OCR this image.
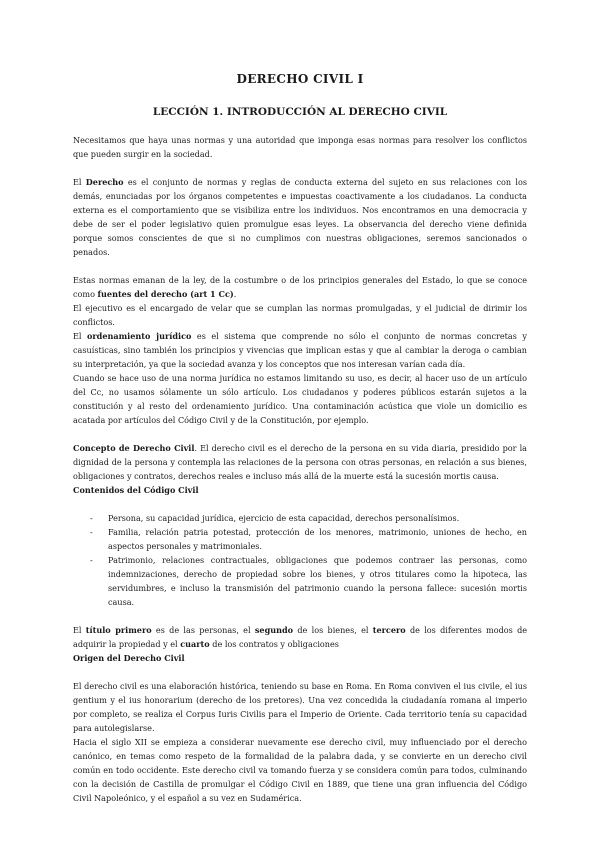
DERECHO CIVIL I
LECCIÓN 1. INTRODUCCIÓN AL DERECHO CIVIL

Necesitamos que haya unas normas y una autoridad que imponga esas normas para resolver los conflictos que pueden surgir en la sociedad.

El Derecho es el conjunto de normas y reglas de conducta externa del sujeto en sus relaciones con los demás, enunciadas por los órganos competentes e impuestas coactivamente a los ciudadanos. La conducta externa es el comportamiento que se visibiliza entre los individuos. Nos encontramos en una democracia y debe de ser el poder legislativo quien promulgue esas leyes. La observancia del derecho viene definida porque somos conscientes de que si no cumplimos con nuestras obligaciones, seremos sancionados o penados.

Estas normas emanan de la ley, de la costumbre o de los principios generales del Estado, lo que se conoce como fuentes del derecho (art 1 Cc).

El ejecutivo es el encargado de velar que se cumplan las normas promulgadas, y el judicial de dirimir los conflictos.

El ordenamiento jurídico es el sistema que comprende no sólo el conjunto de normas concretas y casuísticas, sino también los principios y vivencias que implican estas y que al cambiar la deroga o cambian su interpretación, ya que la sociedad avanza y los conceptos que nos interesan varían cada día.

Cuando se hace uso de una norma jurídica no estamos limitando su uso, es decir, al hacer uso de un artículo del Cc, no usamos sólamente un sólo artículo. Los ciudadanos y poderes públicos estarán sujetos a la constitución y al resto del ordenamiento jurídico. Una contaminación acústica que viole un domicilio es acatada por artículos del Código Civil y de la Constitución, por ejemplo.

Concepto de Derecho Civil. El derecho civil es el derecho de la persona en su vida diaria, presidido por la dignidad de la persona y contempla las relaciones de la persona con otras personas, en relación a sus bienes, obligaciones y contratos, derechos reales e incluso más allá de la muerte está la sucesión mortis causa.

Contenidos del Código Civil

- Persona, su capacidad jurídica, ejercicio de esta capacidad, derechos personalísimos.
- Familia, relación patria potestad, protección de los menores, matrimonio, uniones de hecho, en aspectos personales y matrimoniales.
- Patrimonio, relaciones contractuales, obligaciones que podemos contraer las personas, como indemnizaciones, derecho de propiedad sobre los bienes, y otros titulares como la hipoteca, las servidumbres, e incluso la transmisión del patrimonio cuando la persona fallece: sucesión mortis causa.

El título primero es de las personas, el segundo de los bienes, el tercero de los diferentes modos de adquirir la propiedad y el cuarto de los contratos y obligaciones

Origen del Derecho Civil

El derecho civil es una elaboración histórica, teniendo su base en Roma. En Roma conviven el ius civile, el ius gentium y el ius honorarium (derecho de los pretores). Una vez concedida la ciudadanía romana al imperio por completo, se realiza el Corpus Iuris Civilis para el Imperio de Oriente. Cada territorio tenía su capacidad para autolegislarse.

Hacia el siglo XII se empieza a considerar nuevamente ese derecho civil, muy influenciado por el derecho canónico, en temas como respeto de la formalidad de la palabra dada, y se convierte en un derecho civil común en todo occidente. Este derecho civil va tomando fuerza y se considera común para todos, culminando con la decisión de Castilla de promulgar el Código Civil en 1889, que tiene una gran influencia del Código Civil Napoleónico, y el español a su vez en Sudamérica.
